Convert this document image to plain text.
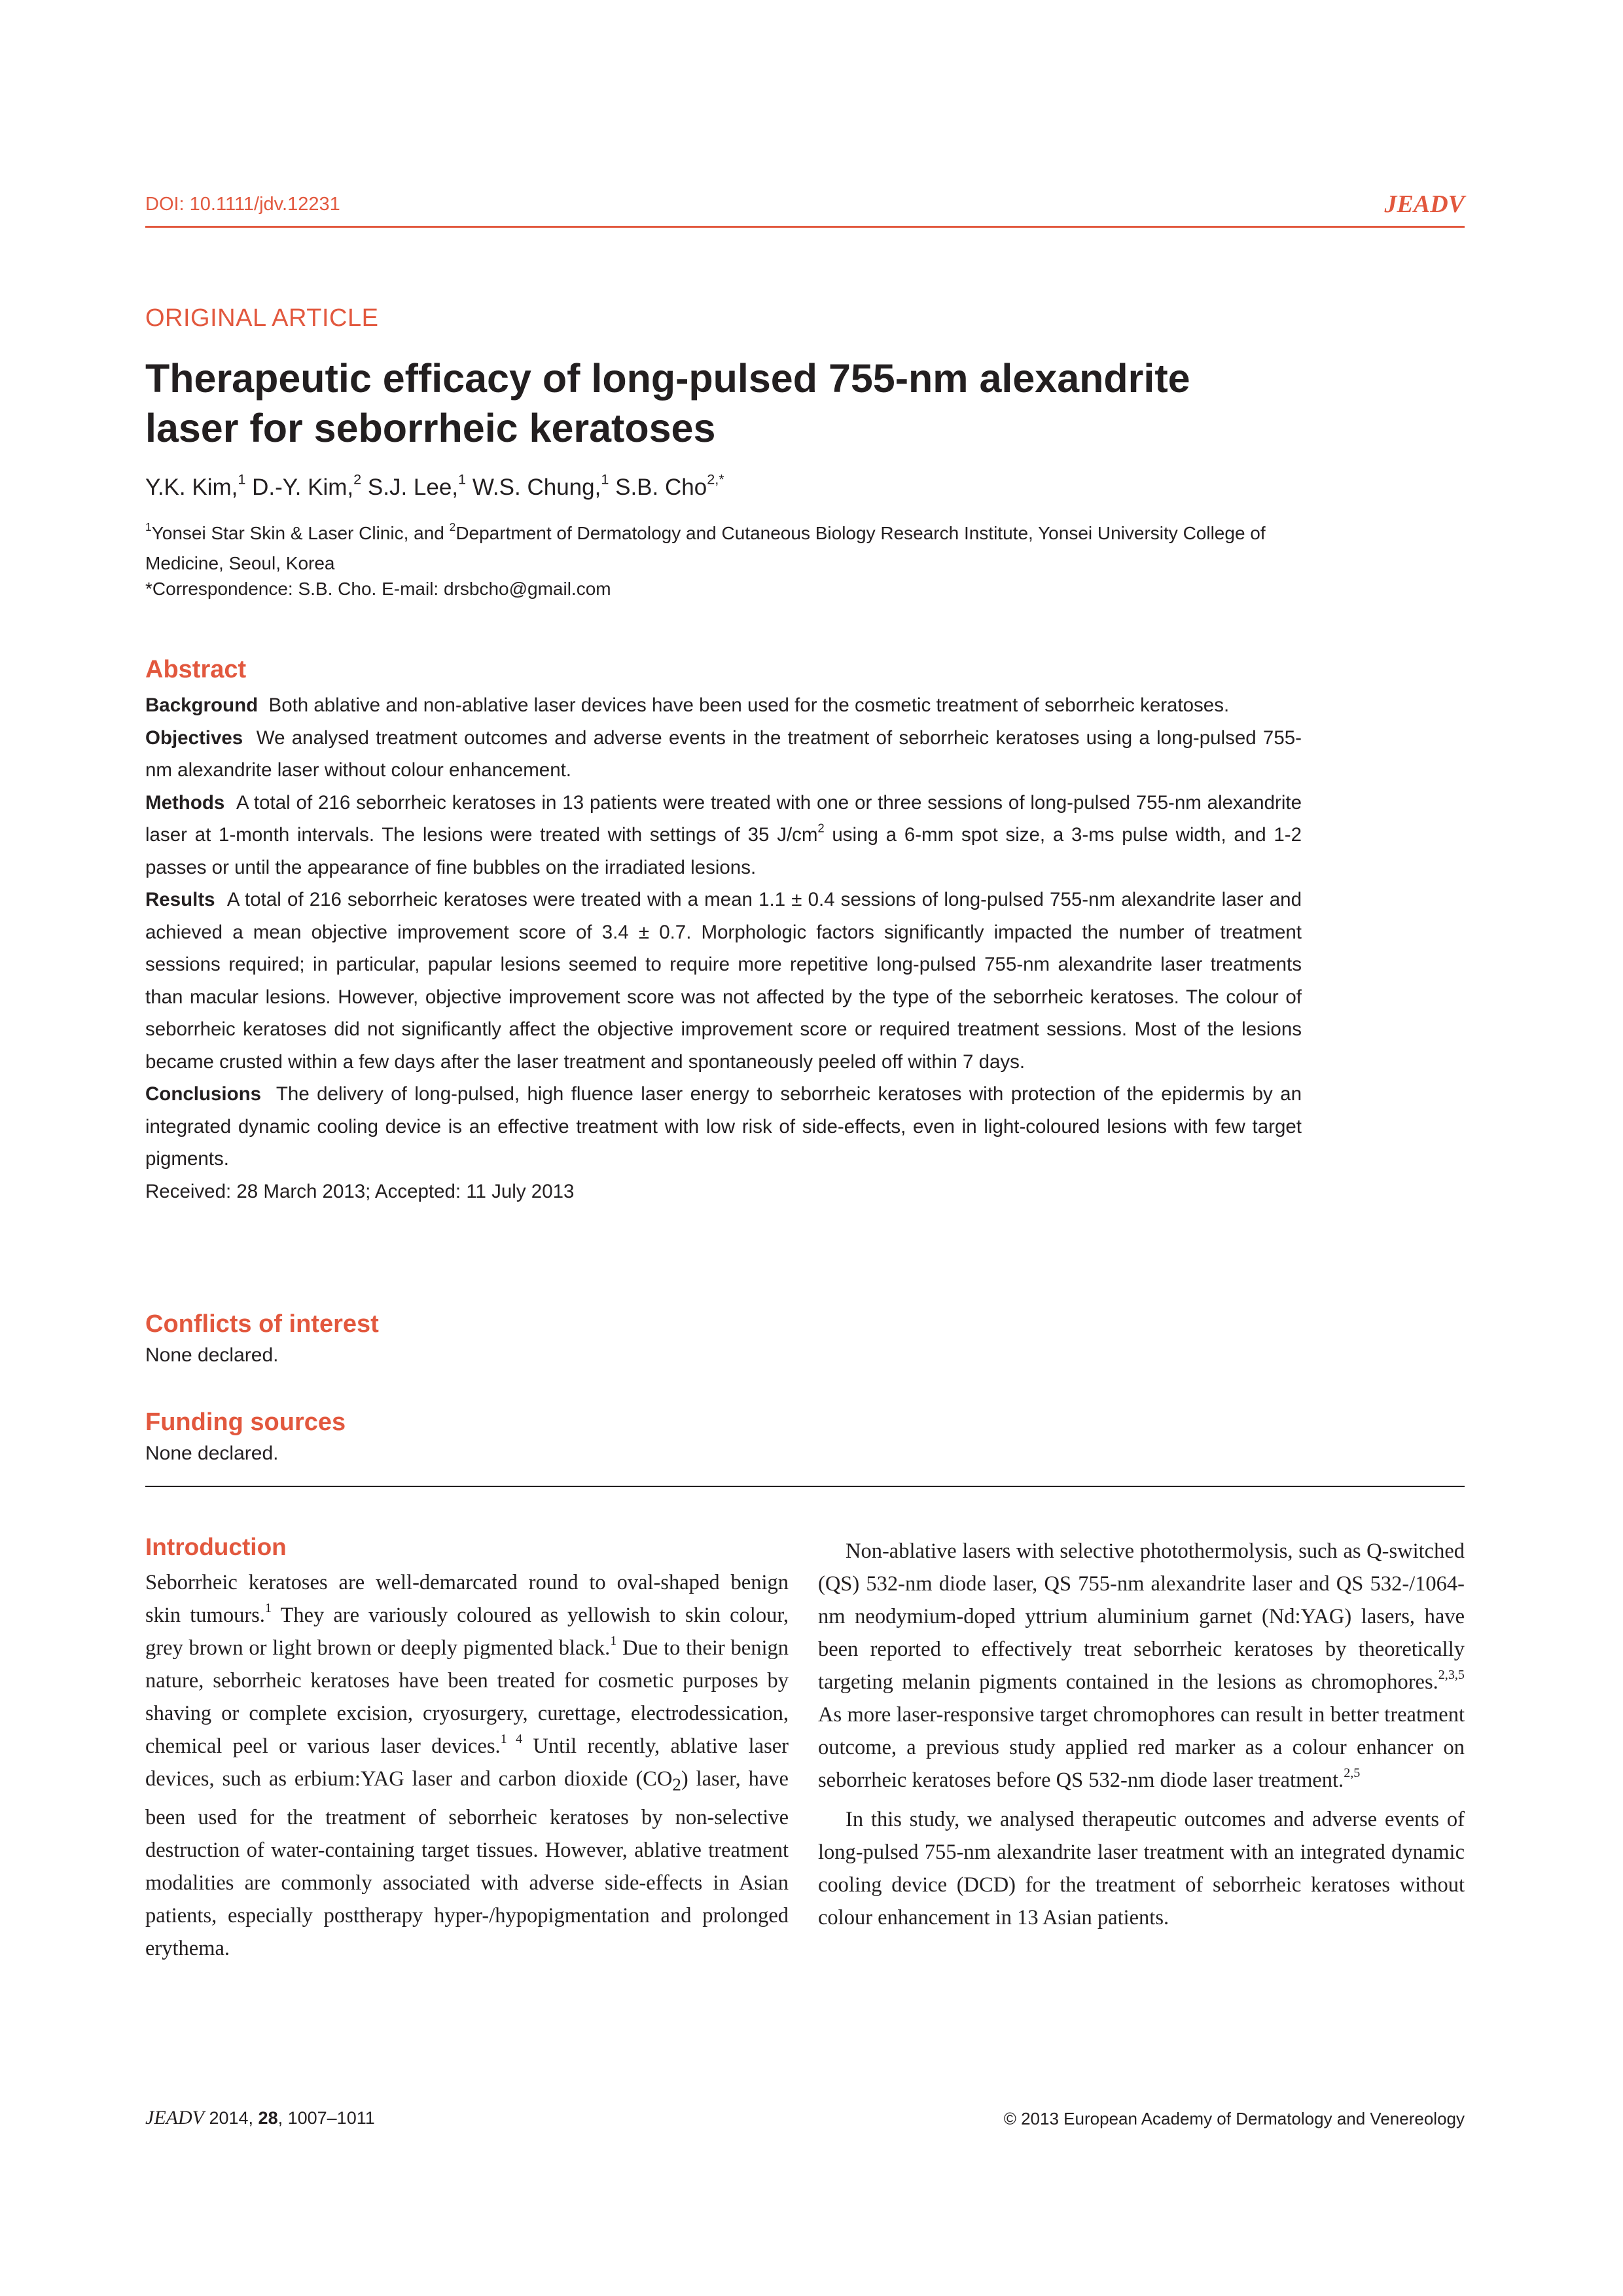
DOI: 10.1111/jdv.12231	JEADV
ORIGINAL ARTICLE
Therapeutic efficacy of long-pulsed 755-nm alexandrite laser for seborrheic keratoses
Y.K. Kim,$^1$ D.-Y. Kim,$^2$ S.J. Lee,$^1$ W.S. Chung,$^1$ S.B. Cho$^{2,*}$
$^1$Yonsei Star Skin & Laser Clinic, and $^2$Department of Dermatology and Cutaneous Biology Research Institute, Yonsei University College of Medicine, Seoul, Korea
*Correspondence: S.B. Cho. E-mail: drsbcho@gmail.com
Abstract

Background Both ablative and non-ablative laser devices have been used for the cosmetic treatment of seborrheic keratoses.

Objectives We analysed treatment outcomes and adverse events in the treatment of seborrheic keratoses using a long-pulsed 755-nm alexandrite laser without colour enhancement.

Methods A total of 216 seborrheic keratoses in 13 patients were treated with one or three sessions of long-pulsed 755-nm alexandrite laser at 1-month intervals. The lesions were treated with settings of 35 $J/cm^2$ using a 6-mm spot size, a 3-ms pulse width, and 1-2 passes or until the appearance of fine bubbles on the irradiated lesions.

Results A total of 216 seborrheic keratoses were treated with a mean 1.1 ± 0.4 sessions of long-pulsed 755-nm alexandrite laser and achieved a mean objective improvement score of 3.4 ± 0.7. Morphologic factors significantly impacted the number of treatment sessions required; in particular, papular lesions seemed to require more repetitive long-pulsed 755-nm alexandrite laser treatments than macular lesions. However, objective improvement score was not affected by the type of the seborrheic keratoses. The colour of seborrheic keratoses did not significantly affect the objective improvement score or required treatment sessions. Most of the lesions became crusted within a few days after the laser treatment and spontaneously peeled off within 7 days.

Conclusions The delivery of long-pulsed, high fluence laser energy to seborrheic keratoses with protection of the epidermis by an integrated dynamic cooling device is an effective treatment with low risk of side-effects, even in light-coloured lesions with few target pigments.

Received: 28 March 2013; Accepted: 11 July 2013

Conflicts of interest
None declared.
Funding sources
None declared.
Introduction

Seborrheic keratoses are well-demarcated round to oval-shaped benign skin tumours.$^1$ They are variously coloured as yellowish to skin colour, grey brown or light brown or deeply pigmented black.$^1$ Due to their benign nature, seborrheic keratoses have been treated for cosmetic purposes by shaving or complete excision, cryosurgery, curettage, electrodessication, chemical peel or various laser devices.$^{1 4}$ Until recently, ablative laser devices, such as erbium:YAG laser and carbon dioxide $(CO_2)$ laser, have been used for the treatment of seborrheic keratoses by non-selective destruction of water-containing target tissues. However, ablative treatment modalities are commonly associated with adverse side-effects in Asian patients, especially posttherapy hyper-/hypopigmentation and prolonged erythema.

Non-ablative lasers with selective photothermolysis, such as Q-switched (QS) 532-nm diode laser, QS 755-nm alexandrite laser and QS 532-/1064-nm neodymium-doped yttrium aluminium garnet (Nd:YAG) lasers, have been reported to effectively treat seborrheic keratoses by theoretically targeting melanin pigments contained in the lesions as chromophores.$^{2,3,5}$ As more laser-responsive target chromophores can result in better treatment outcome, a previous study applied red marker as a colour enhancer on seborrheic keratoses before QS 532-nm diode laser treatment.$^{2,5}$

In this study, we analysed therapeutic outcomes and adverse events of long-pulsed 755-nm alexandrite laser treatment with an integrated dynamic cooling device (DCD) for the treatment of seborrheic keratoses without colour enhancement in 13 Asian patients.

JEADV 2014, 28, 1007–1011	© 2013 European Academy of Dermatology and Venereology
